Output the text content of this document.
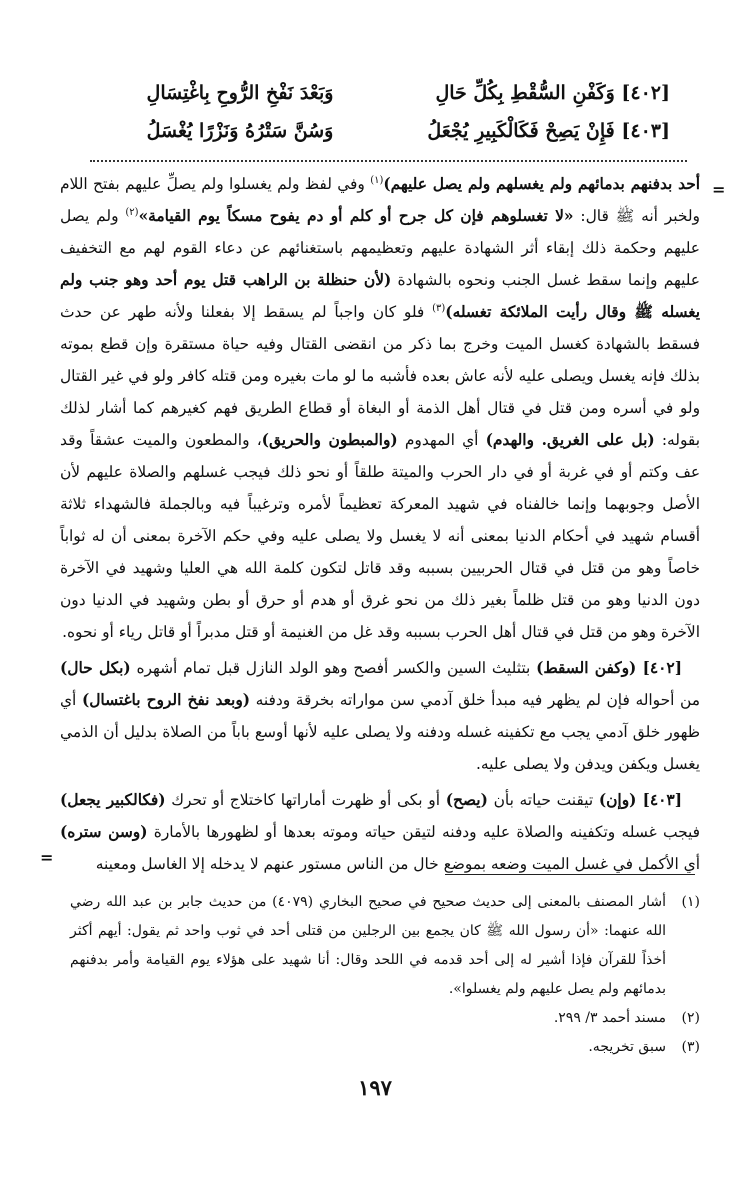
[٤٠٢] وَكَفْنِ السُّقْطِ بِكُلِّ حَالِ
وَبَعْدَ نَفْخِ الرُّوحِ بِاغْتِسَالِ
[٤٠٣] فَإِنْ يَصِحْ فَكَالْكَبِيرِ يُجْعَلُ
وَسُنَّ سَتْرُهُ وَنَزْرًا يُغْسَلُ
=

أحد بدفنهم بدمائهم ولم يغسلهم ولم يصل عليهم)$^{(١)}$ وفي لفظ ولم يغسلوا ولم يصلِّ عليهم بفتح اللام ولخبر أنه ﷺ قال: «لا تغسلوهم فإن كل جرح أو كلم أو دم يفوح مسكاً يوم القيامة»$^{(٢)}$ ولم يصل عليهم وحكمة ذلك إبقاء أثر الشهادة عليهم وتعظيمهم باستغنائهم عن دعاء القوم لهم مع التخفيف عليهم وإنما سقط غسل الجنب ونحوه بالشهادة (لأن حنظلة بن الراهب قتل يوم أحد وهو جنب ولم يغسله ﷺ وقال رأيت الملائكة تغسله)$^{(٣)}$ فلو كان واجباً لم يسقط إلا بفعلنا ولأنه طهر عن حدث فسقط بالشهادة كغسل الميت وخرج بما ذكر من انقضى القتال وفيه حياة مستقرة وإن قطع بموته بذلك فإنه يغسل ويصلى عليه لأنه عاش بعده فأشبه ما لو مات بغيره ومن قتله كافر ولو في غير القتال ولو في أسره ومن قتل في قتال أهل الذمة أو البغاة أو قطاع الطريق فهم كغيرهم كما أشار لذلك بقوله: (بل على الغريق. والهدم) أي المهدوم (والمبطون والحريق)، والمطعون والميت عشقاً وقد عف وكتم أو في غربة أو في دار الحرب والميتة طلقاً أو نحو ذلك فيجب غسلهم والصلاة عليهم لأن الأصل وجوبهما وإنما خالفناه في شهيد المعركة تعظيماً لأمره وترغيباً فيه وبالجملة فالشهداء ثلاثة أقسام شهيد في أحكام الدنيا بمعنى أنه لا يغسل ولا يصلى عليه وفي حكم الآخرة بمعنى أن له ثواباً خاصاً وهو من قتل في قتال الحربيين بسببه وقد قاتل لتكون كلمة الله هي العليا وشهيد في الآخرة دون الدنيا وهو من قتل ظلماً بغير ذلك من نحو غرق أو هدم أو حرق أو بطن وشهيد في الدنيا دون الآخرة وهو من قتل في قتال أهل الحرب بسببه وقد غل من الغنيمة أو قتل مدبراً أو قاتل رياء أو نحوه.

[٤٠٢] (وكفن السقط) بتثليث السين والكسر أفصح وهو الولد النازل قبل تمام أشهره (بكل حال) من أحواله فإن لم يظهر فيه مبدأ خلق آدمي سن مواراته بخرقة ودفنه (وبعد نفخ الروح باغتسال) أي ظهور خلق آدمي يجب مع تكفينه غسله ودفنه ولا يصلى عليه لأنها أوسع باباً من الصلاة بدليل أن الذمي يغسل ويكفن ويدفن ولا يصلى عليه.

[٤٠٣] (وإن) تيقنت حياته بأن (يصح) أو بكى أو ظهرت أماراتها كاختلاج أو تحرك (فكالكبير يجعل) فيجب غسله وتكفينه والصلاة عليه ودفنه لتيقن حياته وموته بعدها أو لظهورها بالأمارة (وسن ستره) أي الأكمل في غسل الميت وضعه بموضع خال من الناس مستور عنهم لا يدخله إلا الغاسل ومعينه

=
(١)
أشار المصنف بالمعنى إلى حديث صحيح في صحيح البخاري (٤٠٧٩) من حديث جابر بن عبد الله رضي الله عنهما: «أن رسول الله ﷺ كان يجمع بين الرجلين من قتلى أحد في ثوب واحد ثم يقول: أيهم أكثر أخذاً للقرآن فإذا أشير له إلى أحد قدمه في اللحد وقال: أنا شهيد على هؤلاء يوم القيامة وأمر بدفنهم بدمائهم ولم يصل عليهم ولم يغسلوا».
(٢)
مسند أحمد ٣/ ٢٩٩.
(٣)
سبق تخريجه.
١٩٧
